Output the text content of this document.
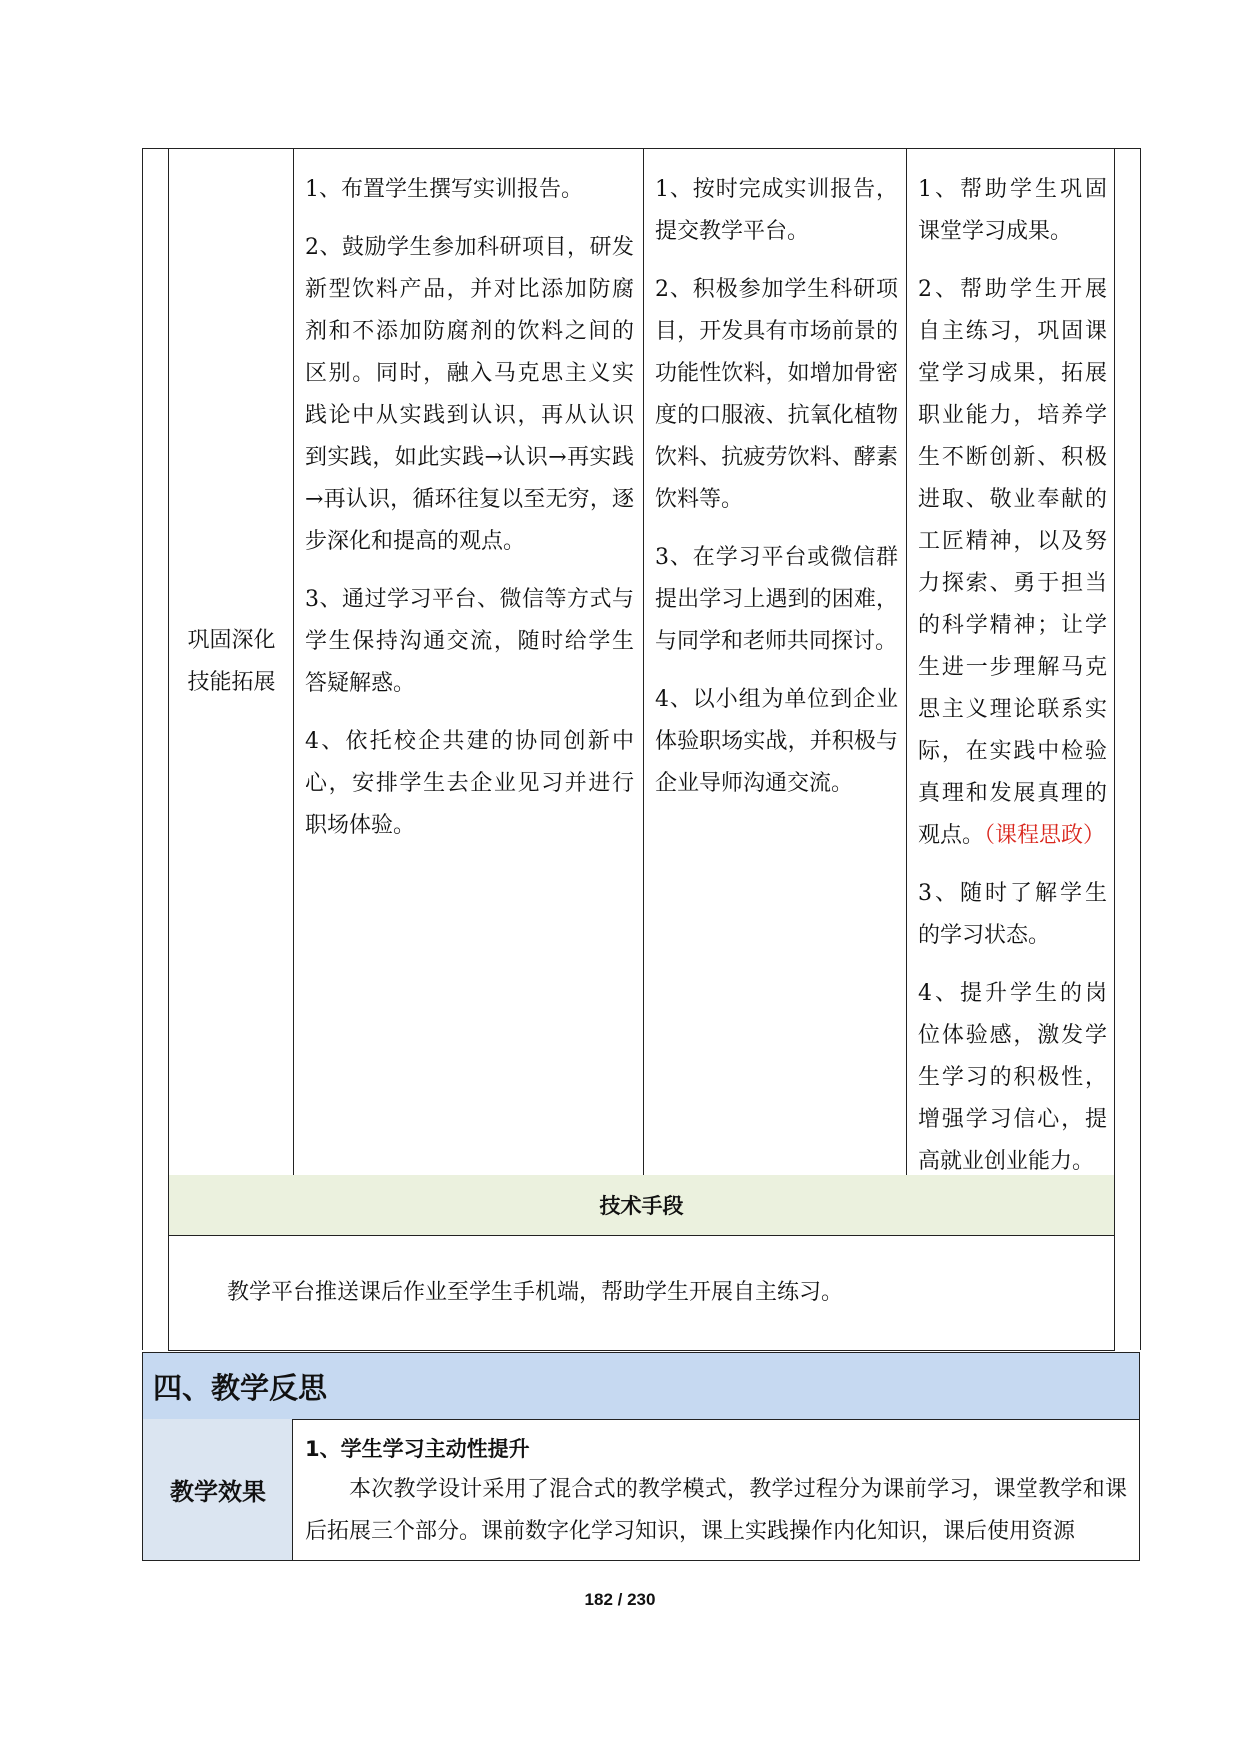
巩固深化技能拓展

1、布置学生撰写实训报告。

2、鼓励学生参加科研项目，研发新型饮料产品，并对比添加防腐剂和不添加防腐剂的饮料之间的区别。同时，融入马克思主义实践论中从实践到认识，再从认识到实践，如此实践→认识→再实践→再认识，循环往复以至无穷，逐步深化和提高的观点。

3、通过学习平台、微信等方式与学生保持沟通交流，随时给学生答疑解惑。

4、依托校企共建的协同创新中心，安排学生去企业见习并进行职场体验。

1、按时完成实训报告，提交教学平台。

2、积极参加学生科研项目，开发具有市场前景的功能性饮料，如增加骨密度的口服液、抗氧化植物饮料、抗疲劳饮料、酵素饮料等。

3、在学习平台或微信群提出学习上遇到的困难，与同学和老师共同探讨。

4、以小组为单位到企业体验职场实战，并积极与企业导师沟通交流。

1、帮助学生巩固课堂学习成果。

2、帮助学生开展自主练习，巩固课堂学习成果，拓展职业能力，培养学生不断创新、积极进取、敬业奉献的工匠精神，以及努力探索、勇于担当的科学精神；让学生进一步理解马克思主义理论联系实际，在实践中检验真理和发展真理的观点。（课程思政）

3、随时了解学生的学习状态。

4、提升学生的岗位体验感，激发学生学习的积极性，增强学习信心，提高就业创业能力。

技术手段
教学平台推送课后作业至学生手机端，帮助学生开展自主练习。
四、教学反思
教学效果
1、学生学习主动性提升

本次教学设计采用了混合式的教学模式，教学过程分为课前学习，课堂教学和课后拓展三个部分。课前数字化学习知识，课上实践操作内化知识，课后使用资源

182 / 230
